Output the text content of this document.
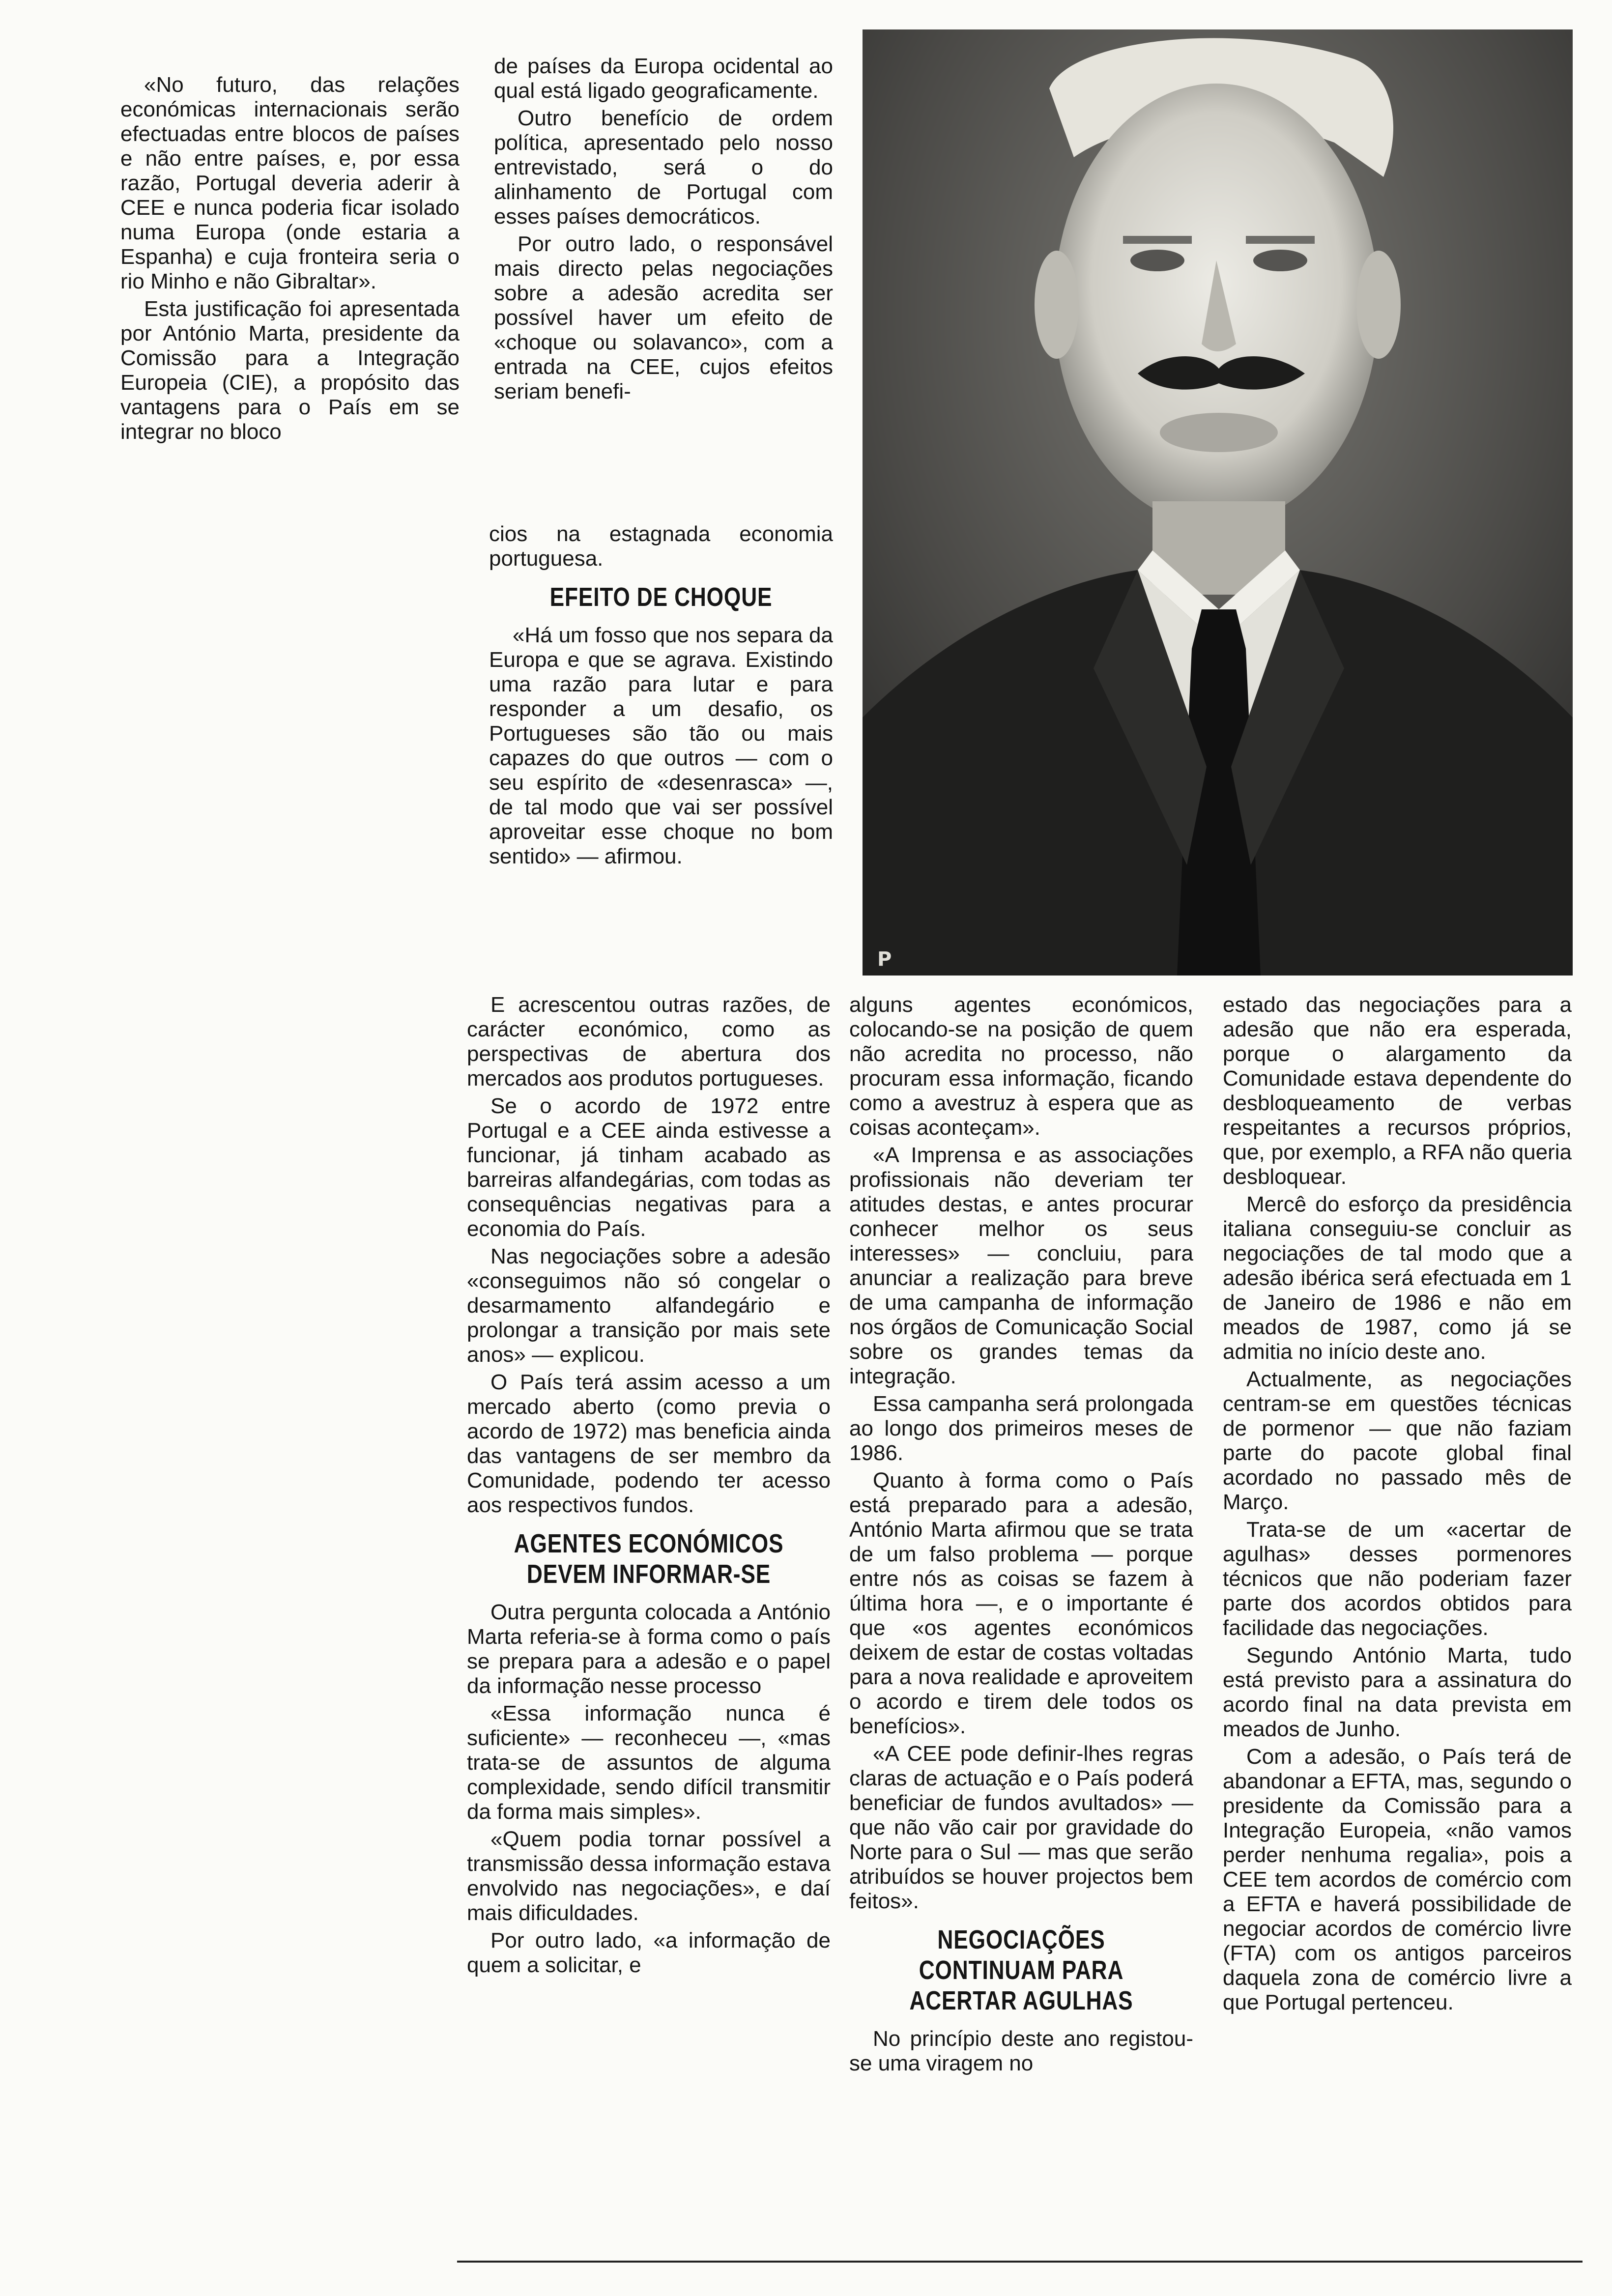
«No futuro, das relações económicas internacionais serão efectuadas entre blocos de países e não entre países, e, por essa razão, Portugal deveria aderir à CEE e nunca poderia ficar isolado numa Europa (onde estaria a Espanha) e cuja fronteira seria o rio Minho e não Gibraltar».

Esta justificação foi apresentada por António Marta, presidente da Comissão para a Integração Europeia (CIE), a propósito das vantagens para o País em se integrar no bloco

de países da Europa ocidental ao qual está ligado geograficamente.

Outro benefício de ordem política, apresentado pelo nosso entrevistado, será o do alinhamento de Portugal com esses países democráticos.

Por outro lado, o responsável mais directo pelas negociações sobre a adesão acredita ser possível haver um efeito de «choque ou solavanco», com a entrada na CEE, cujos efeitos seriam benefi-

cios na estagnada economia portuguesa.

EFEITO DE CHOQUE

«Há um fosso que nos separa da Europa e que se agrava. Existindo uma razão para lutar e para responder a um desafio, os Portugueses são tão ou mais capazes do que outros — com o seu espírito de «desenrasca» —, de tal modo que vai ser possível aproveitar esse choque no bom sentido» — afirmou.

P

E acrescentou outras razões, de carácter económico, como as perspectivas de abertura dos mercados aos produtos portugueses.

Se o acordo de 1972 entre Portugal e a CEE ainda estivesse a funcionar, já tinham acabado as barreiras alfandegárias, com todas as consequências negativas para a economia do País.

Nas negociações sobre a adesão «conseguimos não só congelar o desarmamento alfandegário e prolongar a transição por mais sete anos» — explicou.

O País terá assim acesso a um mercado aberto (como previa o acordo de 1972) mas beneficia ainda das vantagens de ser membro da Comunidade, podendo ter acesso aos respectivos fundos.

AGENTES ECONÓMICOS DEVEM INFORMAR-SE

Outra pergunta colocada a António Marta referia-se à forma como o país se prepara para a adesão e o papel da informação nesse processo

«Essa informação nunca é suficiente» — reconheceu —, «mas trata-se de assuntos de alguma complexidade, sendo difícil transmitir da forma mais simples».

«Quem podia tornar possível a transmissão dessa informação estava envolvido nas negociações», e daí mais dificuldades.

Por outro lado, «a informação de quem a solicitar, e

alguns agentes económicos, colocando-se na posição de quem não acredita no processo, não procuram essa informação, ficando como a avestruz à espera que as coisas aconteçam».

«A Imprensa e as associações profissionais não deveriam ter atitudes destas, e antes procurar conhecer melhor os seus interesses» — concluiu, para anunciar a realização para breve de uma campanha de informação nos órgãos de Comunicação Social sobre os grandes temas da integração.

Essa campanha será prolongada ao longo dos primeiros meses de 1986.

Quanto à forma como o País está preparado para a adesão, António Marta afirmou que se trata de um falso problema — porque entre nós as coisas se fazem à última hora —, e o importante é que «os agentes económicos deixem de estar de costas voltadas para a nova realidade e aproveitem o acordo e tirem dele todos os benefícios».

«A CEE pode definir-lhes regras claras de actuação e o País poderá beneficiar de fundos avultados» — que não vão cair por gravidade do Norte para o Sul — mas que serão atribuídos se houver projectos bem feitos».

NEGOCIAÇÕES CONTINUAM PARA ACERTAR AGULHAS

No princípio deste ano registou-se uma viragem no

estado das negociações para a adesão que não era esperada, porque o alargamento da Comunidade estava dependente do desbloqueamento de verbas respeitantes a recursos próprios, que, por exemplo, a RFA não queria desbloquear.

Mercê do esforço da presidência italiana conseguiu-se concluir as negociações de tal modo que a adesão ibérica será efectuada em 1 de Janeiro de 1986 e não em meados de 1987, como já se admitia no início deste ano.

Actualmente, as negociações centram-se em questões técnicas de pormenor — que não faziam parte do pacote global final acordado no passado mês de Março.

Trata-se de um «acertar de agulhas» desses pormenores técnicos que não poderiam fazer parte dos acordos obtidos para facilidade das negociações.

Segundo António Marta, tudo está previsto para a assinatura do acordo final na data prevista em meados de Junho.

Com a adesão, o País terá de abandonar a EFTA, mas, segundo o presidente da Comissão para a Integração Europeia, «não vamos perder nenhuma regalia», pois a CEE tem acordos de comércio com a EFTA e haverá possibilidade de negociar acordos de comércio livre (FTA) com os antigos parceiros daquela zona de comércio livre a que Portugal pertenceu.
